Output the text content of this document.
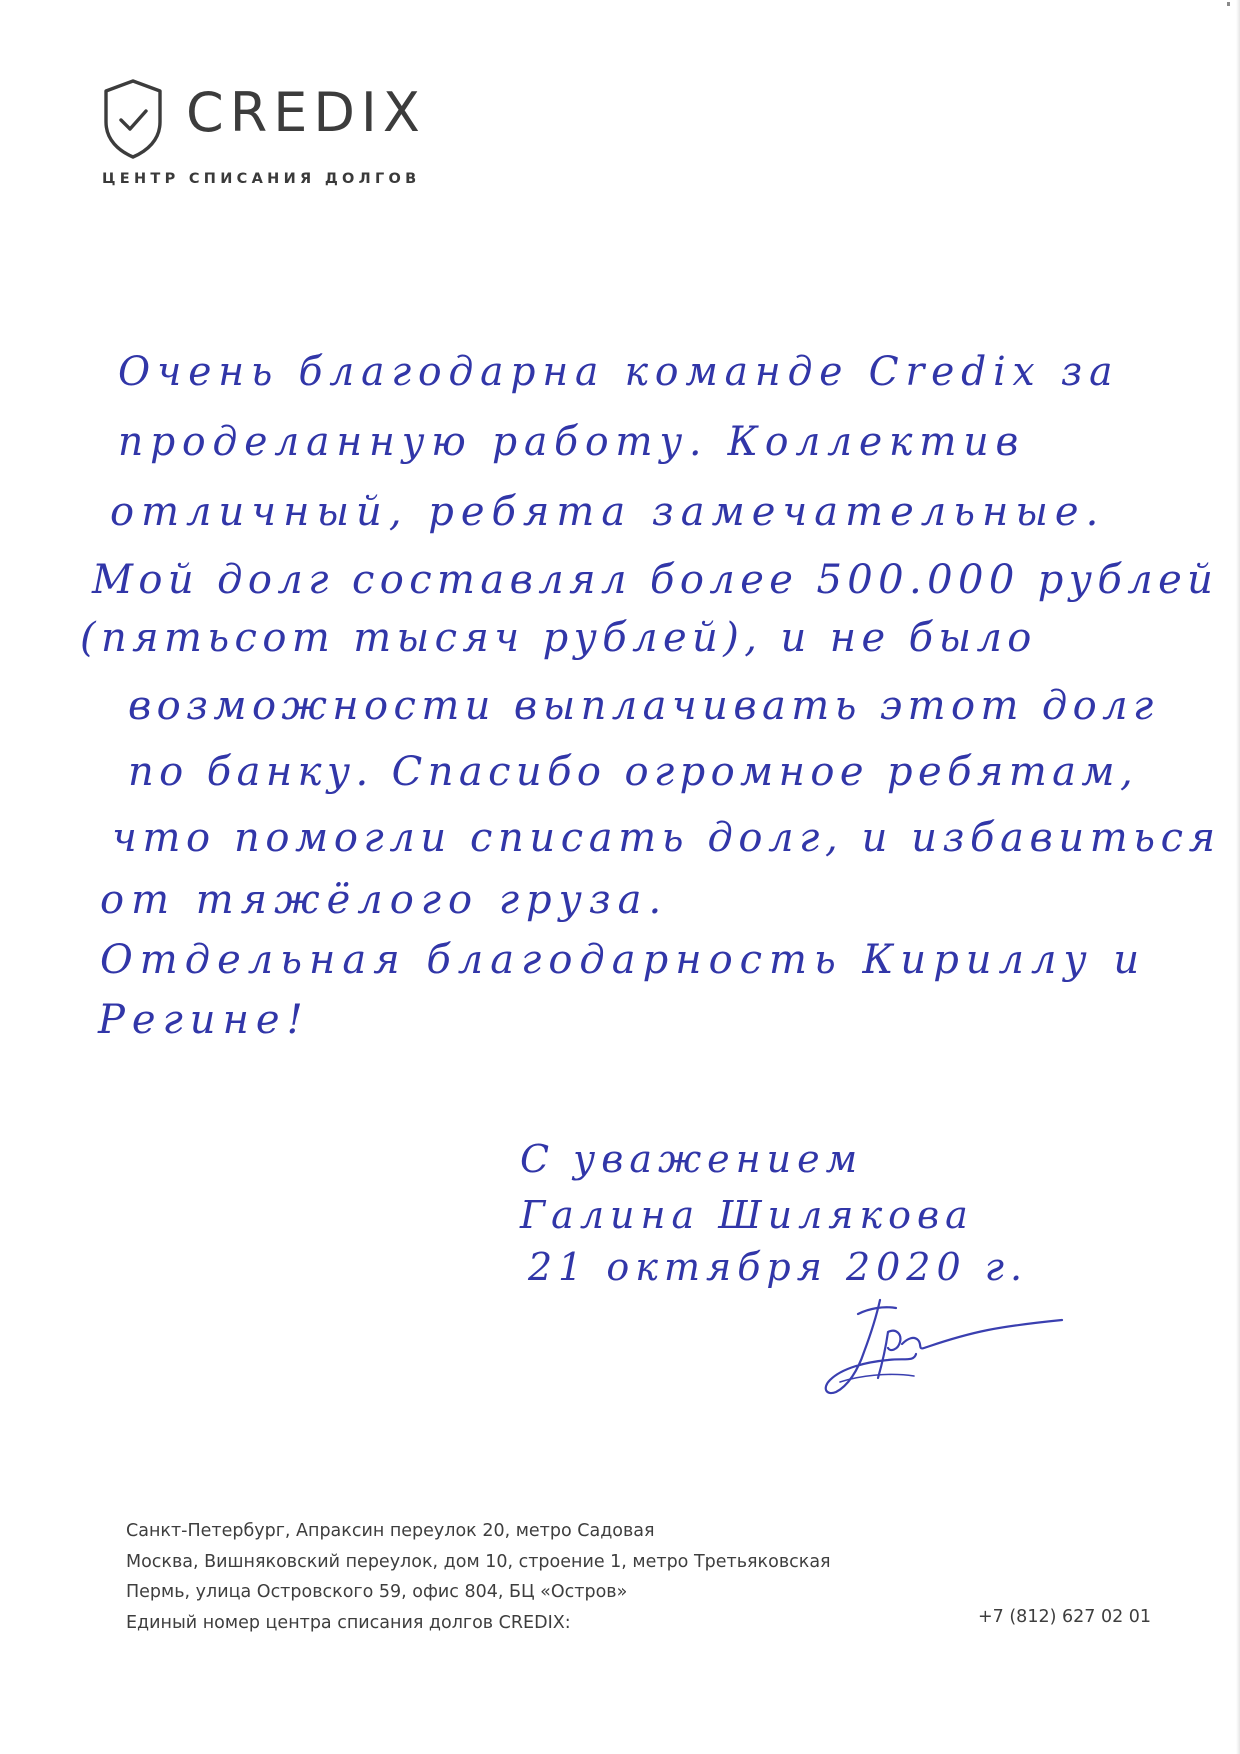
CREDIX
ЦЕНТР СПИСАНИЯ ДОЛГОВ
Очень благодарна команде Credix за
проделанную работу. Коллектив
отличный, ребята замечательные.
Мой долг составлял более 500.000 рублей
(пятьсот тысяч рублей), и не было
возможности выплачивать этот долг
по банку. Спасибо огромное ребятам,
что помогли списать долг, и избавиться
от тяжёлого груза.
Отдельная благодарность Кириллу и
Регине!
С уважением
Галина Шилякова
21 октября 2020 г.
Санкт-Петербург, Апраксин переулок 20, метро Садовая
Москва, Вишняковский переулок, дом 10, строение 1, метро Третьяковская
Пермь, улица Островского 59, офис 804, БЦ «Остров»
Единый номер центра списания долгов CREDIX:	+7 (812) 627 02 01
